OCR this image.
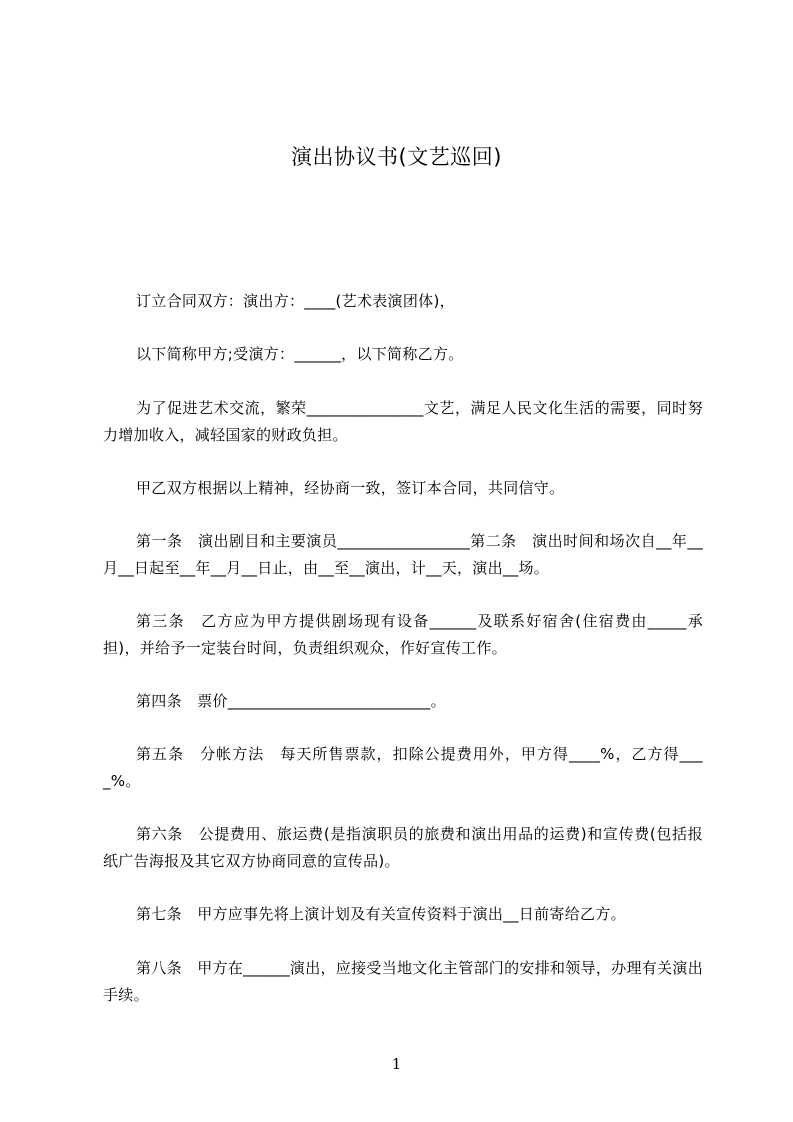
演出协议书(文艺巡回)

订立合同双方：演出方：____(艺术表演团体)，

以下简称甲方;受演方：______，以下简称乙方。

为了促进艺术交流，繁荣_______________文艺，满足人民文化生活的需要，同时努力增加收入，减轻国家的财政负担。

甲乙双方根据以上精神，经协商一致，签订本合同，共同信守。

第一条　演出剧目和主要演员_________________第二条　演出时间和场次自__年__月__日起至__年__月__日止，由__至__演出，计__天，演出__场。

第三条　乙方应为甲方提供剧场现有设备______及联系好宿舍(住宿费由_____承担)，并给予一定装台时间，负责组织观众，作好宣传工作。

第四条　票价__________________________。

第五条　分帐方法　每天所售票款，扣除公提费用外，甲方得____%，乙方得____%。

第六条　公提费用、旅运费(是指演职员的旅费和演出用品的运费)和宣传费(包括报纸广告海报及其它双方协商同意的宣传品)。

第七条　甲方应事先将上演计划及有关宣传资料于演出__日前寄给乙方。

第八条　甲方在______演出，应接受当地文化主管部门的安排和领导，办理有关演出手续。

1
